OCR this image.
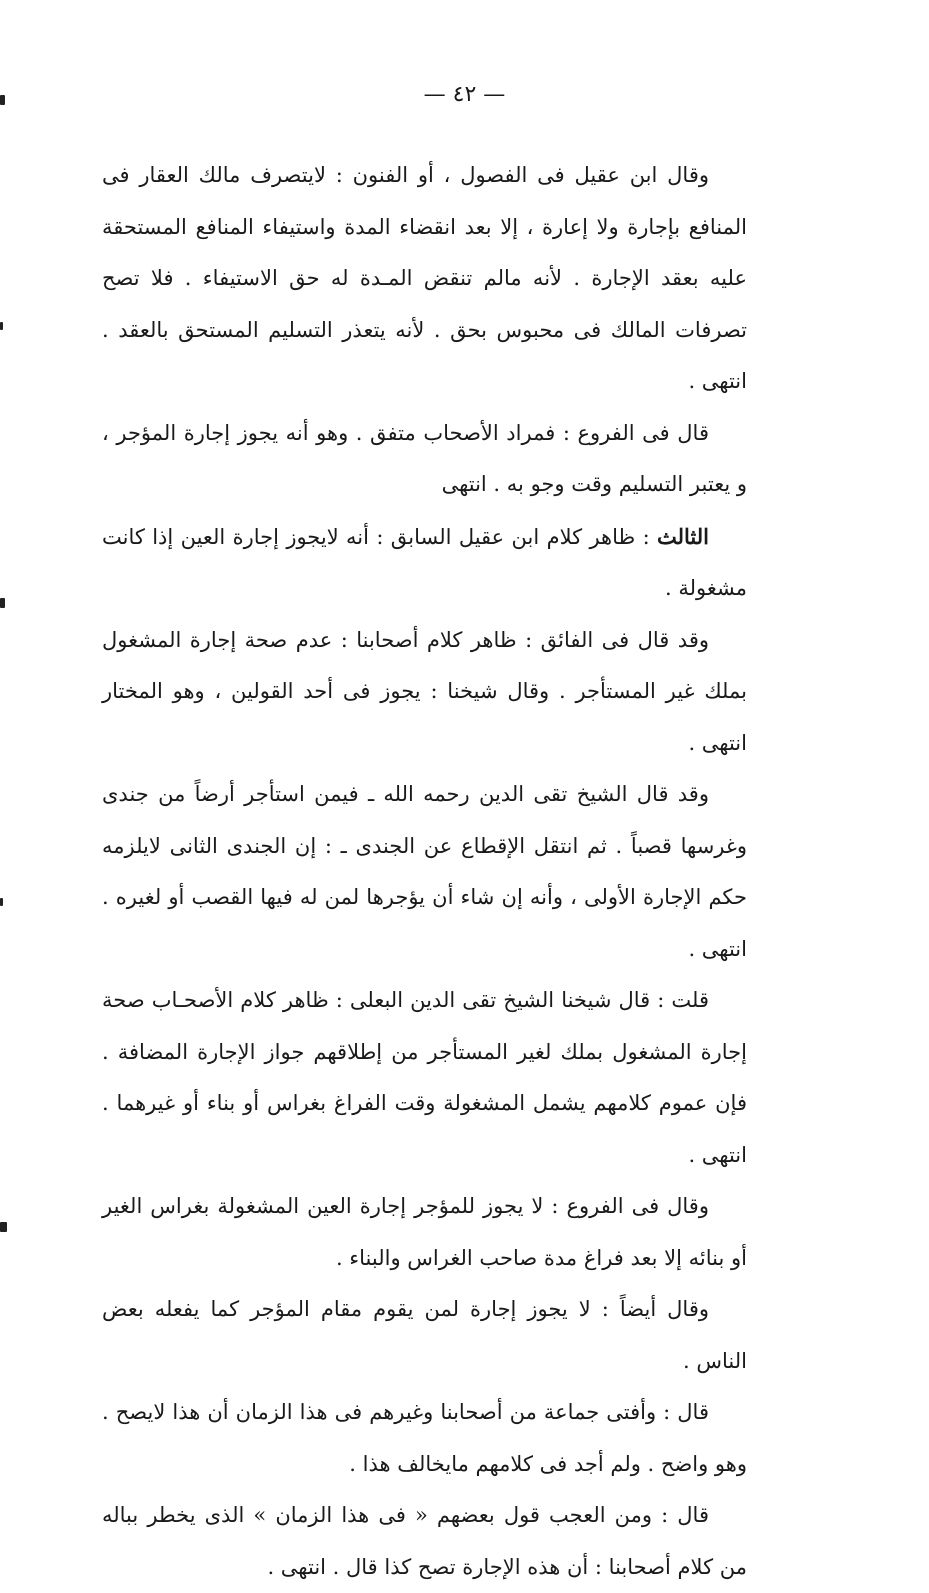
— ٤٢ —

وقال ابن عقيل فى الفصول ، أو الفنون : لايتصرف مالك العقار فى المنافع بإجارة ولا إعارة ، إلا بعد انقضاء المدة واستيفاء المنافع المستحقة عليه بعقد الإجارة . لأنه مالم تنقض المـدة له حق الاستيفاء . فلا تصح تصرفات المالك فى محبوس بحق . لأنه يتعذر التسليم المستحق بالعقد . انتهى .

قال فى الفروع : فمراد الأصحاب متفق . وهو أنه يجوز إجارة المؤجر ، و يعتبر التسليم وقت وجو به . انتهى

الثالث : ظاهر كلام ابن عقيل السابق : أنه لايجوز إجارة العين إذا كانت مشغولة .

وقد قال فى الفائق : ظاهر كلام أصحابنا : عدم صحة إجارة المشغول بملك غير المستأجر . وقال شيخنا : يجوز فى أحد القولين ، وهو المختار انتهى .

وقد قال الشيخ تقى الدين رحمه الله ـ فيمن استأجر أرضاً من جندى وغرسها قصباً . ثم انتقل الإقطاع عن الجندى ـ : إن الجندى الثانى لايلزمه حكم الإجارة الأولى ، وأنه إن شاء أن يؤجرها لمن له فيها القصب أو لغيره . انتهى .

قلت : قال شيخنا الشيخ تقى الدين البعلى : ظاهر كلام الأصحـاب صحة إجارة المشغول بملك لغير المستأجر من إطلاقهم جواز الإجارة المضافة . فإن عموم كلامهم يشمل المشغولة وقت الفراغ بغراس أو بناء أو غيرهما . انتهى .

وقال فى الفروع : لا يجوز للمؤجر إجارة العين المشغولة بغراس الغير أو بنائه إلا بعد فراغ مدة صاحب الغراس والبناء .

وقال أيضاً : لا يجوز إجارة لمن يقوم مقام المؤجر كما يفعله بعض الناس .

قال : وأفتى جماعة من أصحابنا وغيرهم فى هذا الزمان أن هذا لايصح . وهو واضح . ولم أجد فى كلامهم مايخالف هذا .

قال : ومن العجب قول بعضهم « فى هذا الزمان » الذى يخطر بباله من كلام أصحابنا : أن هذه الإجارة تصح كذا قال . انتهى .
